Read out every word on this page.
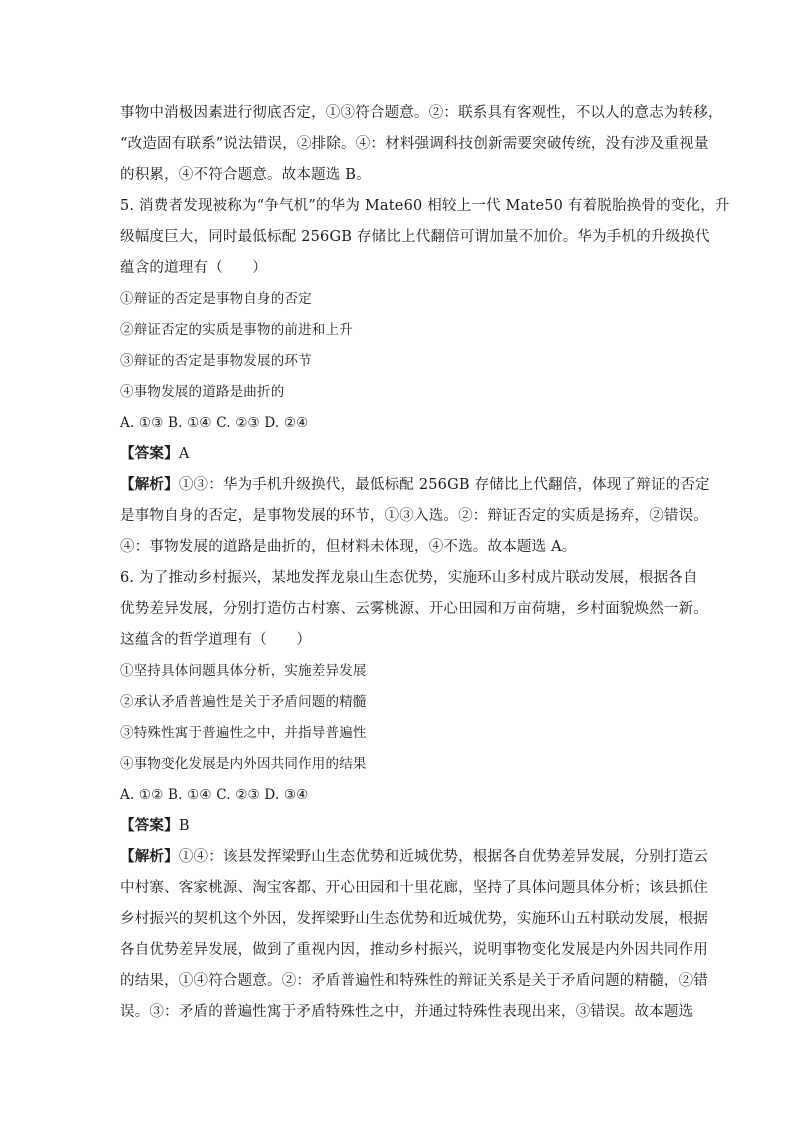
事物中消极因素进行彻底否定，①③符合题意。②：联系具有客观性，不以人的意志为转移，
“改造固有联系”说法错误，②排除。④：材料强调科技创新需要突破传统，没有涉及重视量
的积累，④不符合题意。故本题选 B。
5. 消费者发现被称为“争气机”的华为 Mate60 相较上一代 Mate50 有着脱胎换骨的变化，升
级幅度巨大，同时最低标配 256GB 存储比上代翻倍可谓加量不加价。华为手机的升级换代
蕴含的道理有（　　）
①辩证的否定是事物自身的否定
②辩证否定的实质是事物的前进和上升
③辩证的否定是事物发展的环节
④事物发展的道路是曲折的
A. ①③ B. ①④ C. ②③ D. ②④
【答案】A
【解析】①③：华为手机升级换代，最低标配 256GB 存储比上代翻倍，体现了辩证的否定
是事物自身的否定，是事物发展的环节，①③入选。②：辩证否定的实质是扬弃，②错误。
④：事物发展的道路是曲折的，但材料未体现，④不选。故本题选 A。
6. 为了推动乡村振兴，某地发挥龙泉山生态优势，实施环山多村成片联动发展，根据各自
优势差异发展，分别打造仿古村寨、云雾桃源、开心田园和万亩荷塘，乡村面貌焕然一新。
这蕴含的哲学道理有（　　）
①坚持具体问题具体分析，实施差异发展
②承认矛盾普遍性是关于矛盾问题的精髓
③特殊性寓于普遍性之中，并指导普遍性
④事物变化发展是内外因共同作用的结果
A. ①② B. ①④ C. ②③ D. ③④
【答案】B
【解析】①④：该县发挥梁野山生态优势和近城优势，根据各自优势差异发展，分别打造云
中村寨、客家桃源、淘宝客都、开心田园和十里花廊，坚持了具体问题具体分析；该县抓住
乡村振兴的契机这个外因，发挥梁野山生态优势和近城优势，实施环山五村联动发展，根据
各自优势差异发展，做到了重视内因，推动乡村振兴，说明事物变化发展是内外因共同作用
的结果，①④符合题意。②：矛盾普遍性和特殊性的辩证关系是关于矛盾问题的精髓，②错
误。③：矛盾的普遍性寓于矛盾特殊性之中，并通过特殊性表现出来，③错误。故本题选
